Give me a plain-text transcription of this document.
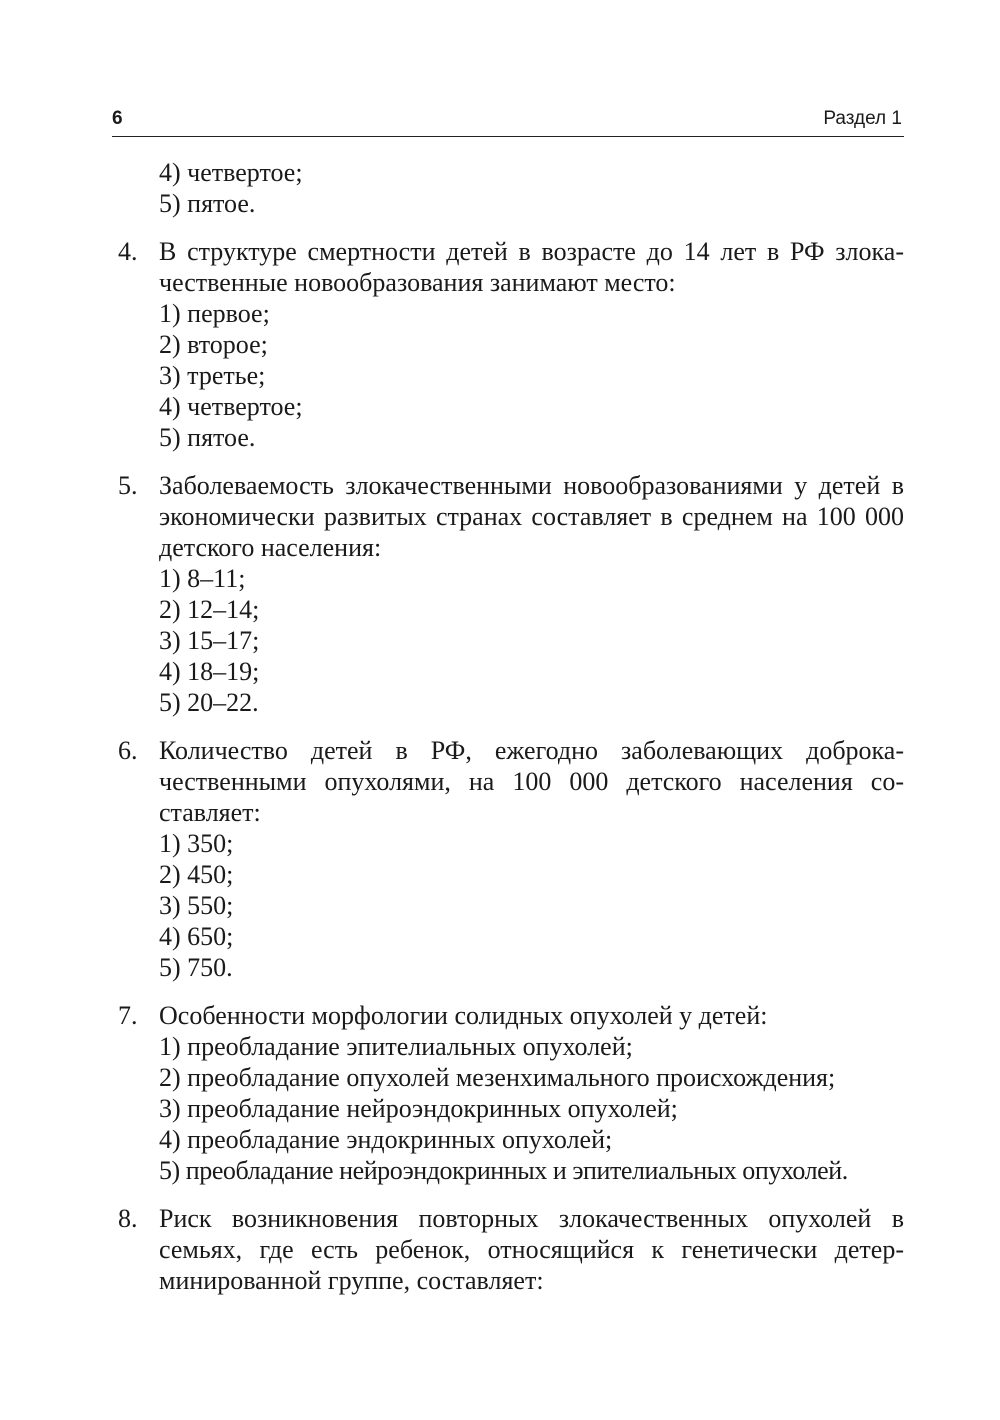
6	Раздел 1
4) четвертое;
5) пятое.
4. В структуре смертности детей в возрасте до 14 лет в РФ злокачественные новообразования занимают место:
1) первое;
2) второе;
3) третье;
4) четвертое;
5) пятое.
5. Заболеваемость злокачественными новообразованиями у детей в экономически развитых странах составляет в среднем на 100 000 детского населения:
1) 8–11;
2) 12–14;
3) 15–17;
4) 18–19;
5) 20–22.
6. Количество детей в РФ, ежегодно заболевающих доброкачественными опухолями, на 100 000 детского населения составляет:
1) 350;
2) 450;
3) 550;
4) 650;
5) 750.
7. Особенности морфологии солидных опухолей у детей:
1) преобладание эпителиальных опухолей;
2) преобладание опухолей мезенхимального происхождения;
3) преобладание нейроэндокринных опухолей;
4) преобладание эндокринных опухолей;
5) преобладание нейроэндокринных и эпителиальных опухолей.
8. Риск возникновения повторных злокачественных опухолей в семьях, где есть ребенок, относящийся к генетически детерминированной группе, составляет:
